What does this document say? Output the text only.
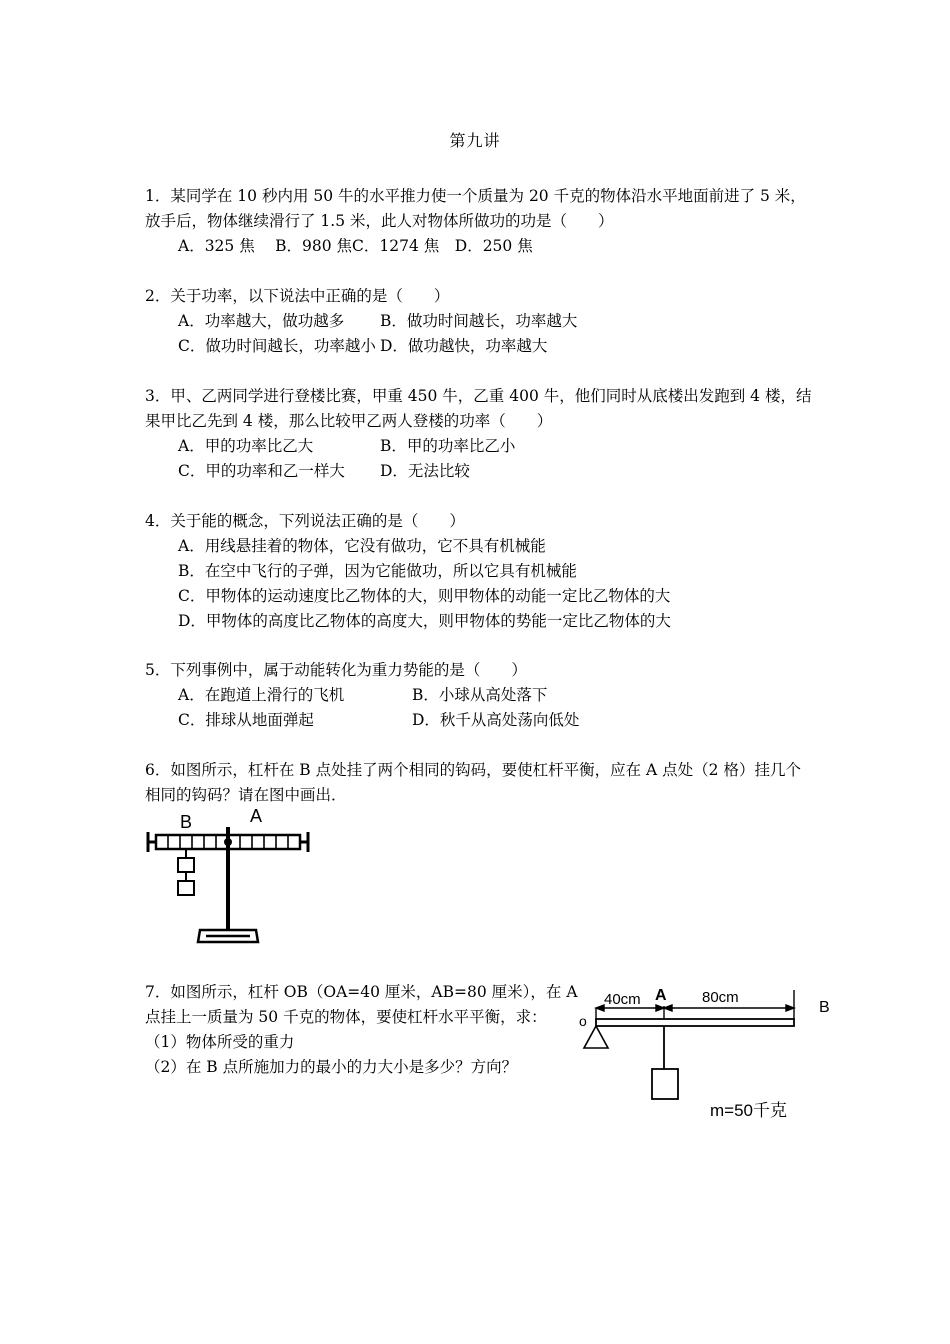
第九讲
1．某同学在 10 秒内用 50 牛的水平推力使一个质量为 20 千克的物体沿水平地面前进了 5 米，
放手后，物体继续滑行了 1.5 米，此人对物体所做功的功是（　　）
A．325 焦　 B．980 焦C．1274 焦　D．250 焦
2．关于功率，以下说法中正确的是（　　）
A．功率越大，做功越多 B．做功时间越长，功率越大
C．做功时间越长，功率越小 D．做功越快，功率越大
3．甲、乙两同学进行登楼比赛，甲重 450 牛，乙重 400 牛，他们同时从底楼出发跑到 4 楼，结
果甲比乙先到 4 楼，那么比较甲乙两人登楼的功率（　　）
A．甲的功率比乙大	B．甲的功率比乙小
C．甲的功率和乙一样大 D．无法比较
4．关于能的概念，下列说法正确的是（　　）
A．用线悬挂着的物体，它没有做功，它不具有机械能
B．在空中飞行的子弹，因为它能做功，所以它具有机械能
C．甲物体的运动速度比乙物体的大，则甲物体的动能一定比乙物体的大
D．甲物体的高度比乙物体的高度大，则甲物体的势能一定比乙物体的大
5．下列事例中，属于动能转化为重力势能的是（　　）
A．在跑道上滑行的飞机	B．小球从高处落下
C．排球从地面弹起	D．秋千从高处荡向低处
6．如图所示，杠杆在 B 点处挂了两个相同的钩码，要使杠杆平衡，应在 A 点处（2 格）挂几个
相同的钩码？请在图中画出．
B	A
7．如图所示，杠杆 OB（OA=40 厘米，AB=80 厘米），在 A
点挂上一质量为 50 千克的物体，要使杠杆水平平衡，求：
（1）物体所受的重力
（2）在 B 点所施加力的最小的力大小是多少？方向？
40cm A 80cm
B
o
m=50千克
